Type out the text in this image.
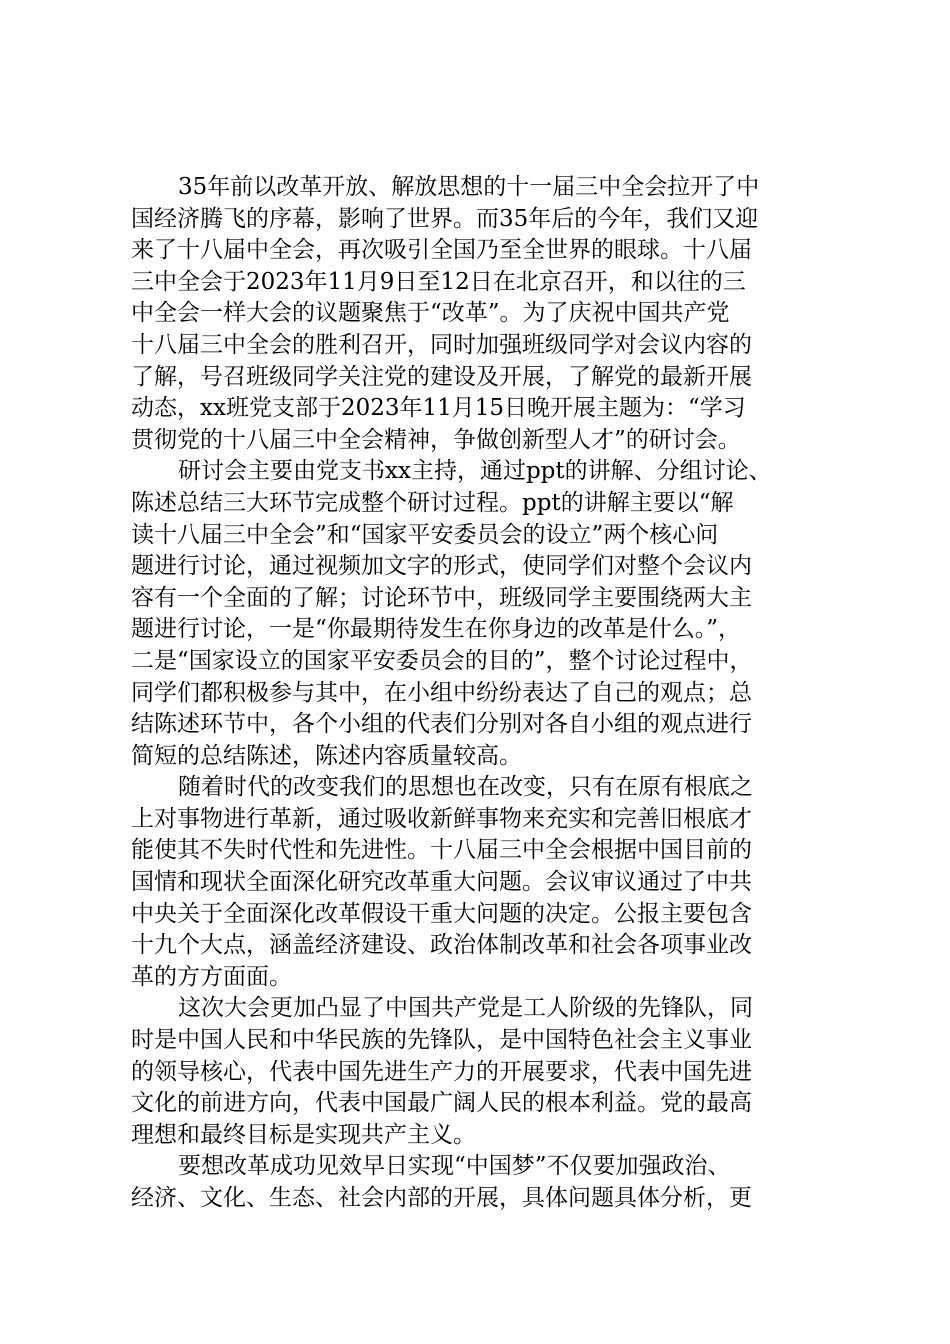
35年前以改革开放、解放思想的十一届三中全会拉开了中
国经济腾飞的序幕，影响了世界。而35年后的今年，我们又迎
来了十八届中全会，再次吸引全国乃至全世界的眼球。十八届
三中全会于2023年11月9日至12日在北京召开，和以往的三
中全会一样大会的议题聚焦于“改革”。为了庆祝中国共产党
十八届三中全会的胜利召开，同时加强班级同学对会议内容的
了解，号召班级同学关注党的建设及开展，了解党的最新开展
动态，xx班党支部于2023年11月15日晚开展主题为：“学习
贯彻党的十八届三中全会精神，争做创新型人才”的研讨会。
研讨会主要由党支书xx主持，通过ppt的讲解、分组讨论、
陈述总结三大环节完成整个研讨过程。ppt的讲解主要以“解
读十八届三中全会”和“国家平安委员会的设立”两个核心问
题进行讨论，通过视频加文字的形式，使同学们对整个会议内
容有一个全面的了解；讨论环节中，班级同学主要围绕两大主
题进行讨论，一是“你最期待发生在你身边的改革是什么。”，
二是“国家设立的国家平安委员会的目的”，整个讨论过程中，
同学们都积极参与其中，在小组中纷纷表达了自己的观点；总
结陈述环节中，各个小组的代表们分别对各自小组的观点进行
简短的总结陈述，陈述内容质量较高。
随着时代的改变我们的思想也在改变，只有在原有根底之
上对事物进行革新，通过吸收新鲜事物来充实和完善旧根底才
能使其不失时代性和先进性。十八届三中全会根据中国目前的
国情和现状全面深化研究改革重大问题。会议审议通过了中共
中央关于全面深化改革假设干重大问题的决定。公报主要包含
十九个大点，涵盖经济建设、政治体制改革和社会各项事业改
革的方方面面。
这次大会更加凸显了中国共产党是工人阶级的先锋队，同
时是中国人民和中华民族的先锋队，是中国特色社会主义事业
的领导核心，代表中国先进生产力的开展要求，代表中国先进
文化的前进方向，代表中国最广阔人民的根本利益。党的最高
理想和最终目标是实现共产主义。
要想改革成功见效早日实现“中国梦”不仅要加强政治、
经济、文化、生态、社会内部的开展，具体问题具体分析，更
